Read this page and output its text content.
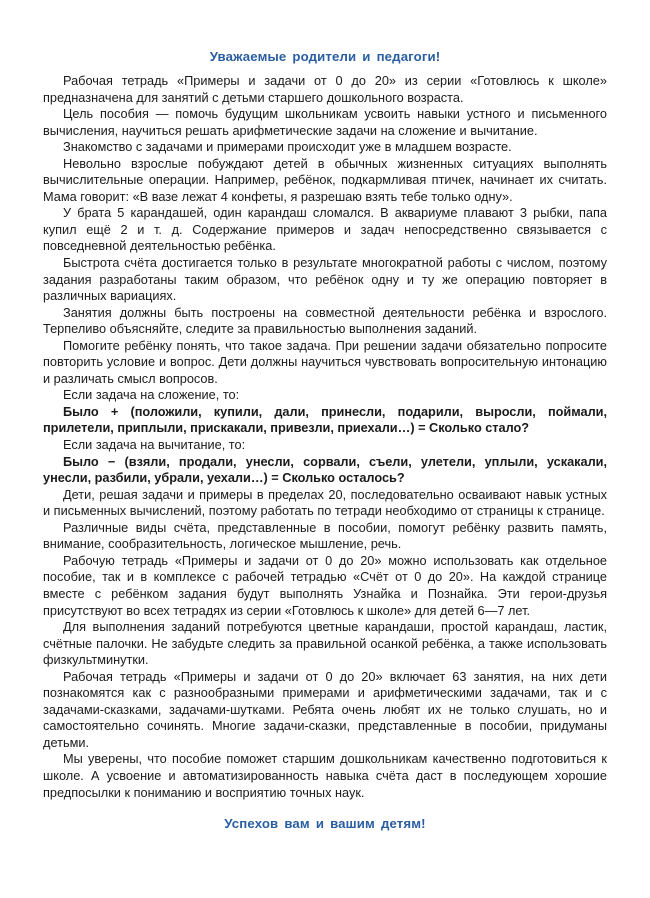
Уважаемые родители и педагоги!

Рабочая тетрадь «Примеры и задачи от 0 до 20» из серии «Готовлюсь к школе» предназначена для занятий с детьми старшего дошкольного возраста.

Цель пособия — помочь будущим школьникам усвоить навыки устного и письменного вычисления, научиться решать арифметические задачи на сложение и вычитание.

Знакомство с задачами и примерами происходит уже в младшем возрасте.

Невольно взрослые побуждают детей в обычных жизненных ситуациях выполнять вычислительные операции. Например, ребёнок, подкармливая птичек, начинает их считать. Мама говорит: «В вазе лежат 4 конфеты, я разрешаю взять тебе только одну».

У брата 5 карандашей, один карандаш сломался. В аквариуме плавают 3 рыбки, папа купил ещё 2 и т. д. Содержание примеров и задач непосредственно связывается с повседневной деятельностью ребёнка.

Быстрота счёта достигается только в результате многократной работы с числом, поэтому задания разработаны таким образом, что ребёнок одну и ту же операцию повторяет в различных вариациях.

Занятия должны быть построены на совместной деятельности ребёнка и взрослого. Терпеливо объясняйте, следите за правильностью выполнения заданий.

Помогите ребёнку понять, что такое задача. При решении задачи обязательно попросите повторить условие и вопрос. Дети должны научиться чувствовать вопросительную интонацию и различать смысл вопросов.

Если задача на сложение, то:

Было + (положили, купили, дали, принесли, подарили, выросли, поймали, прилетели, приплыли, прискакали, привезли, приехали…) = Сколько стало?

Если задача на вычитание, то:

Было − (взяли, продали, унесли, сорвали, съели, улетели, уплыли, ускакали, унесли, разбили, убрали, уехали…) = Сколько осталось?

Дети, решая задачи и примеры в пределах 20, последовательно осваивают навык устных и письменных вычислений, поэтому работать по тетради необходимо от страницы к странице.

Различные виды счёта, представленные в пособии, помогут ребёнку развить память, внимание, сообразительность, логическое мышление, речь.

Рабочую тетрадь «Примеры и задачи от 0 до 20» можно использовать как отдельное пособие, так и в комплексе с рабочей тетрадью «Счёт от 0 до 20». На каждой странице вместе с ребёнком задания будут выполнять Узнайка и Познайка. Эти герои-друзья присутствуют во всех тетрадях из серии «Готовлюсь к школе» для детей 6—7 лет.

Для выполнения заданий потребуются цветные карандаши, простой карандаш, ластик, счётные палочки. Не забудьте следить за правильной осанкой ребёнка, а также использовать физкультминутки.

Рабочая тетрадь «Примеры и задачи от 0 до 20» включает 63 занятия, на них дети познакомятся как с разнообразными примерами и арифметическими задачами, так и с задачами-сказками, задачами-шутками. Ребята очень любят их не только слушать, но и самостоятельно сочинять. Многие задачи-сказки, представленные в пособии, придуманы детьми.

Мы уверены, что пособие поможет старшим дошкольникам качественно подготовиться к школе. А усвоение и автоматизированность навыка счёта даст в последующем хорошие предпосылки к пониманию и восприятию точных наук.

Успехов вам и вашим детям!
